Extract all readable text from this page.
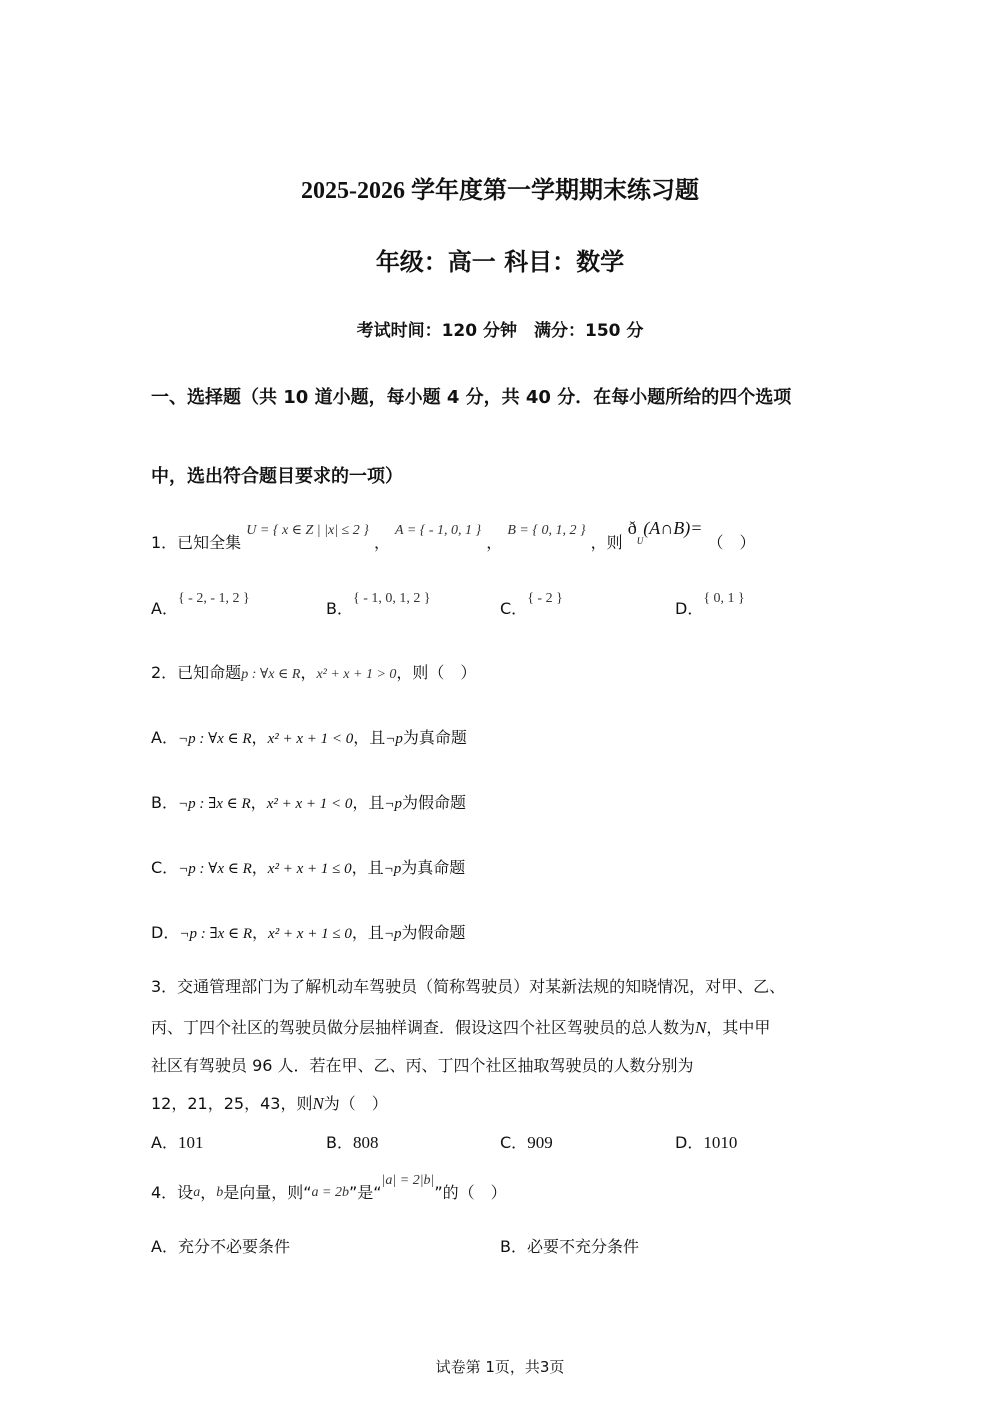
2025-2026 学年度第一学期期末练习题
年级：高一 科目：数学
考试时间：120 分钟　满分：150 分
一、选择题（共 10 道小题，每小题 4 分，共 40 分．在每小题所给的四个选项
中，选出符合题目要求的一项）
1．已知全集 U = { x ∈ Z | |x| ≤ 2 } ， A = { - 1, 0, 1 } ， B = { 0, 1, 2 } ，则 $ð_U(A\cap B)=$ （　）
A．{ - 2, - 1, 2 }
B．{ - 1, 0, 1, 2 }
C．{ - 2 }
D．{ 0, 1 }
2．已知命题p : ∀x ∈ R，x² + x + 1 > 0，则（　）
A．¬p : ∀x ∈ R，x² + x + 1 < 0，且¬p为真命题
B．¬p : ∃x ∈ R，x² + x + 1 < 0，且¬p为假命题
C．¬p : ∀x ∈ R，x² + x + 1 ≤ 0，且¬p为真命题
D．¬p : ∃x ∈ R，x² + x + 1 ≤ 0，且¬p为假命题
3．交通管理部门为了解机动车驾驶员（简称驾驶员）对某新法规的知晓情况，对甲、乙、
丙、丁四个社区的驾驶员做分层抽样调查．假设这四个社区驾驶员的总人数为N，其中甲
社区有驾驶员 96 人．若在甲、乙、丙、丁四个社区抽取驾驶员的人数分别为
12，21，25，43，则N为（　）
A．101	B．808	C．909	D．1010
4．设a，b是向量，则“a = 2b”是“|a| = 2|b|”的（　）
A．充分不必要条件	B．必要不充分条件
试卷第 1页，共3页
